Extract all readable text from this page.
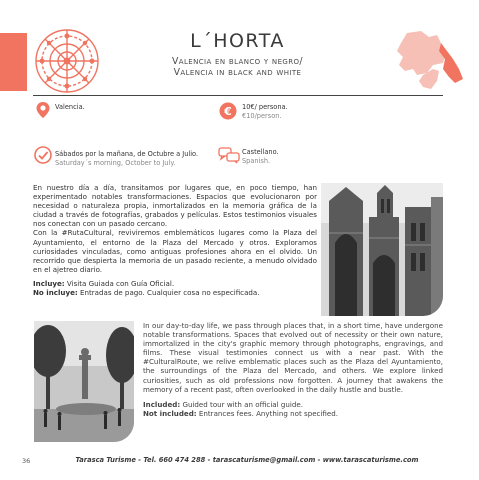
L´HORTA
Valencia en blanco y negro/
Valencia in black and white
Valencia.	€ 10€/ persona.
€10/person.
Sábados por la mañana, de Octubre a Julio.
Saturday´s morning, October to July.
Castellano.
Spanish.

En nuestro día a día, transitamos por lugares que, en poco tiempo, han experimentado notables transformaciones. Espacios que evolucionaron por necesidad o naturaleza propia, inmortalizados en la memoria gráfica de la ciudad a través de fotografías, grabados y películas. Estos testimonios visuales nos conectan con un pasado cercano.

Con la #RutaCultural, reviviremos emblemáticos lugares como la Plaza del Ayuntamiento, el entorno de la Plaza del Mercado y otros. Exploramos curiosidades vinculadas, como antiguas profesiones ahora en el olvido. Un recorrido que despierta la memoria de un pasado reciente, a menudo olvidado en el ajetreo diario.

Incluye: Visita Guiada con Guía Oficial.

No incluye: Entradas de pago. Cualquier cosa no especificada.

In our day-to-day life, we pass through places that, in a short time, have undergone notable transformations. Spaces that evolved out of necessity or their own nature, immortalized in the city's graphic memory through photographs, engravings, and films. These visual testimonies connect us with a near past. With the #CulturalRoute, we relive emblematic places such as the Plaza del Ayuntamiento, the surroundings of the Plaza del Mercado, and others. We explore linked curiosities, such as old professions now forgotten. A journey that awakens the memory of a recent past, often overlooked in the daily hustle and bustle.

Included: Guided tour with an official guide.

Not included: Entrances fees. Anything not specified.

36	Tarasca Turisme - Tel. 660 474 288 - tarascaturisme@gmail.com - www.tarascaturisme.com
